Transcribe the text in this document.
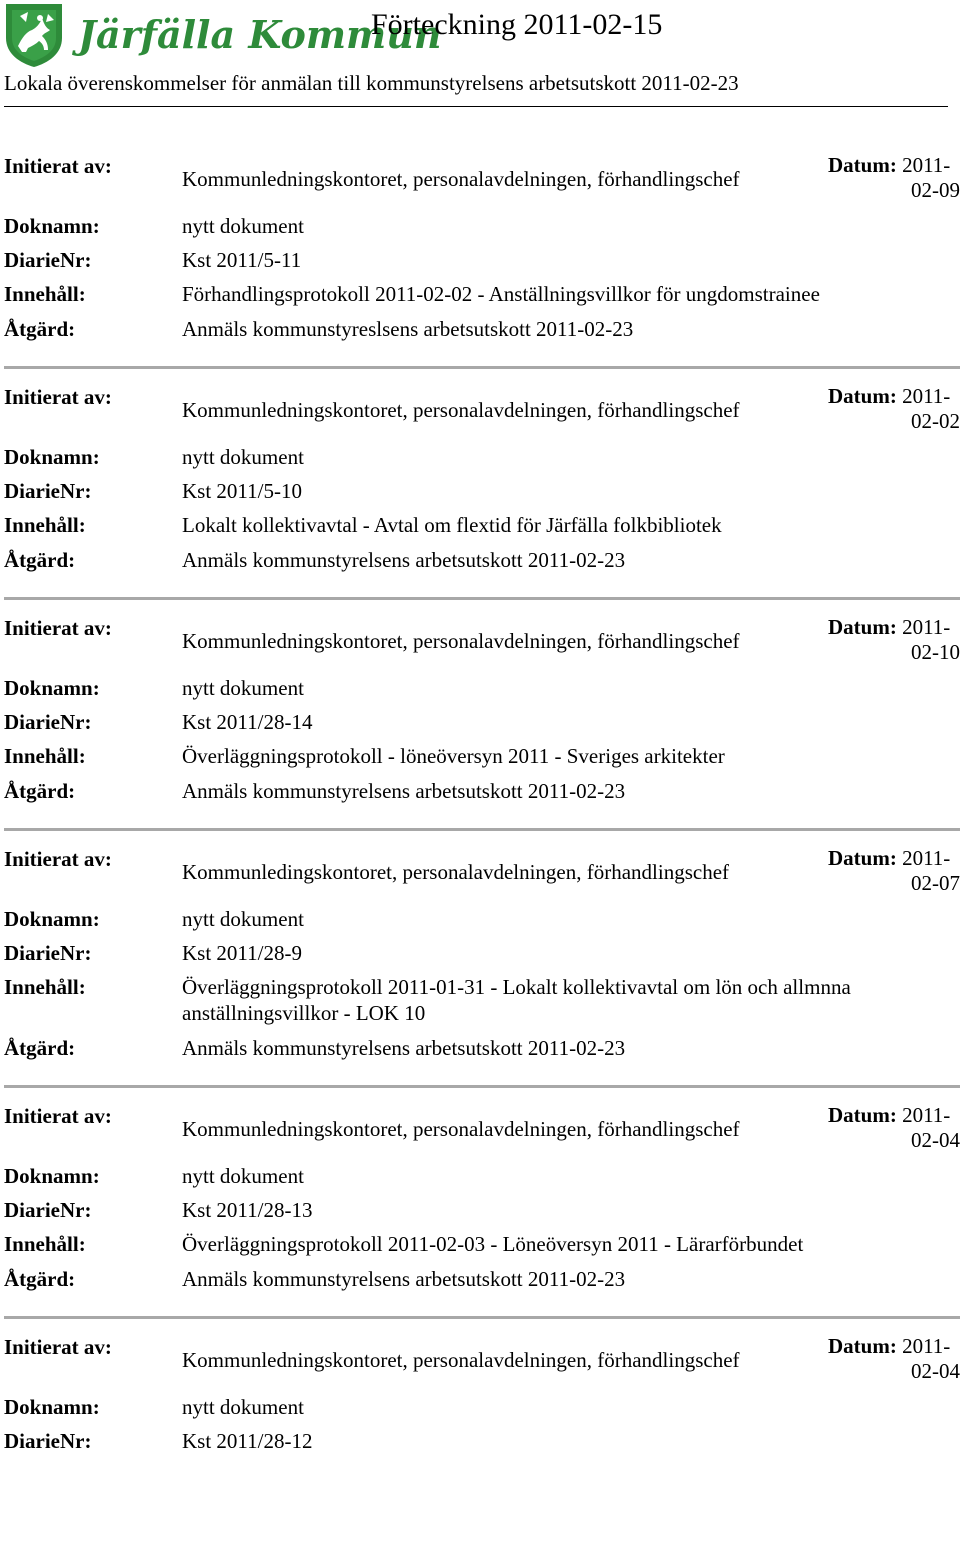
Järfälla Kommun
Förteckning 2011-02-15
Lokala överenskommelser för anmälan till kommunstyrelsens arbetsutskott 2011-02-23
Initierat av:
Kommunledningskontoret, personalavdelningen, förhandlingschef
Datum: 2011-
02-09
Doknamn:	nytt dokument
DiarieNr:	Kst 2011/5-11
Innehåll:	Förhandlingsprotokoll 2011-02-02 - Anställningsvillkor för ungdomstrainee
Åtgärd:	Anmäls kommunstyreslsens arbetsutskott 2011-02-23
Initierat av:
Kommunledningskontoret, personalavdelningen, förhandlingschef
Datum: 2011-
02-02
Doknamn:	nytt dokument
DiarieNr:	Kst 2011/5-10
Innehåll:	Lokalt kollektivavtal - Avtal om flextid för Järfälla folkbibliotek
Åtgärd:	Anmäls kommunstyrelsens arbetsutskott 2011-02-23
Initierat av:
Kommunledningskontoret, personalavdelningen, förhandlingschef
Datum: 2011-
02-10
Doknamn:	nytt dokument
DiarieNr:	Kst 2011/28-14
Innehåll:	Överläggningsprotokoll - löneöversyn 2011 - Sveriges arkitekter
Åtgärd:	Anmäls kommunstyrelsens arbetsutskott 2011-02-23
Initierat av:
Kommunledingskontoret, personalavdelningen, förhandlingschef
Datum: 2011-
02-07
Doknamn:	nytt dokument
DiarieNr:	Kst 2011/28-9
Innehåll:	Överläggningsprotokoll 2011-01-31 - Lokalt kollektivavtal om lön och allmnna anställningsvillkor - LOK 10
Åtgärd:	Anmäls kommunstyrelsens arbetsutskott 2011-02-23
Initierat av:
Kommunledningskontoret, personalavdelningen, förhandlingschef
Datum: 2011-
02-04
Doknamn:	nytt dokument
DiarieNr:	Kst 2011/28-13
Innehåll:	Överläggningsprotokoll 2011-02-03 - Löneöversyn 2011 - Lärarförbundet
Åtgärd:	Anmäls kommunstyrelsens arbetsutskott 2011-02-23
Initierat av:
Kommunledningskontoret, personalavdelningen, förhandlingschef
Datum: 2011-
02-04
Doknamn:	nytt dokument
DiarieNr:	Kst 2011/28-12
